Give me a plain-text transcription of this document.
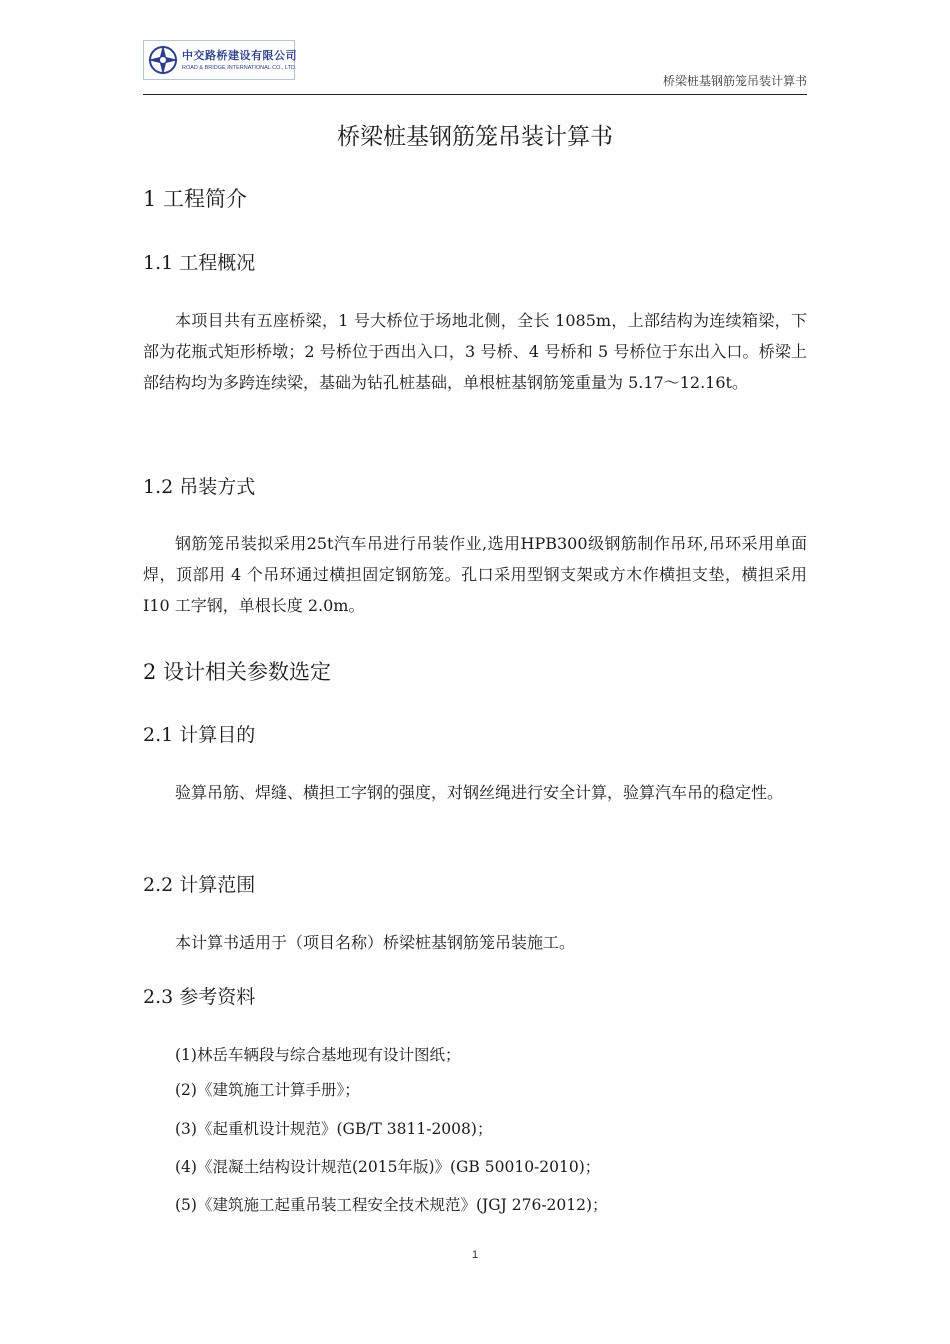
中交路桥建设有限公司
ROAD & BRIDGE INTERNATIONAL CO., LTD.
桥梁桩基钢筋笼吊装计算书
桥梁桩基钢筋笼吊装计算书
1 工程简介
1.1 工程概况
本项目共有五座桥梁，1 号大桥位于场地北侧，全长 1085m，上部结构为连续箱梁，下部为花瓶式矩形桥墩；2 号桥位于西出入口，3 号桥、4 号桥和 5 号桥位于东出入口。桥梁上部结构均为多跨连续梁，基础为钻孔桩基础，单根桩基钢筋笼重量为 5.17～12.16t。
1.2 吊装方式
钢筋笼吊装拟采用25t汽车吊进行吊装作业,选用HPB300级钢筋制作吊环,吊环采用单面焊，顶部用 4 个吊环通过横担固定钢筋笼。孔口采用型钢支架或方木作横担支垫，横担采用 I10 工字钢，单根长度 2.0m。
2 设计相关参数选定
2.1 计算目的
验算吊筋、焊缝、横担工字钢的强度，对钢丝绳进行安全计算，验算汽车吊的稳定性。
2.2 计算范围
本计算书适用于（项目名称）桥梁桩基钢筋笼吊装施工。
2.3 参考资料
(1)林岳车辆段与综合基地现有设计图纸；
(2)《建筑施工计算手册》；
(3)《起重机设计规范》(GB/T 3811-2008)；
(4)《混凝土结构设计规范(2015年版)》(GB 50010-2010)；
(5)《建筑施工起重吊装工程安全技术规范》(JGJ 276-2012)；
1
